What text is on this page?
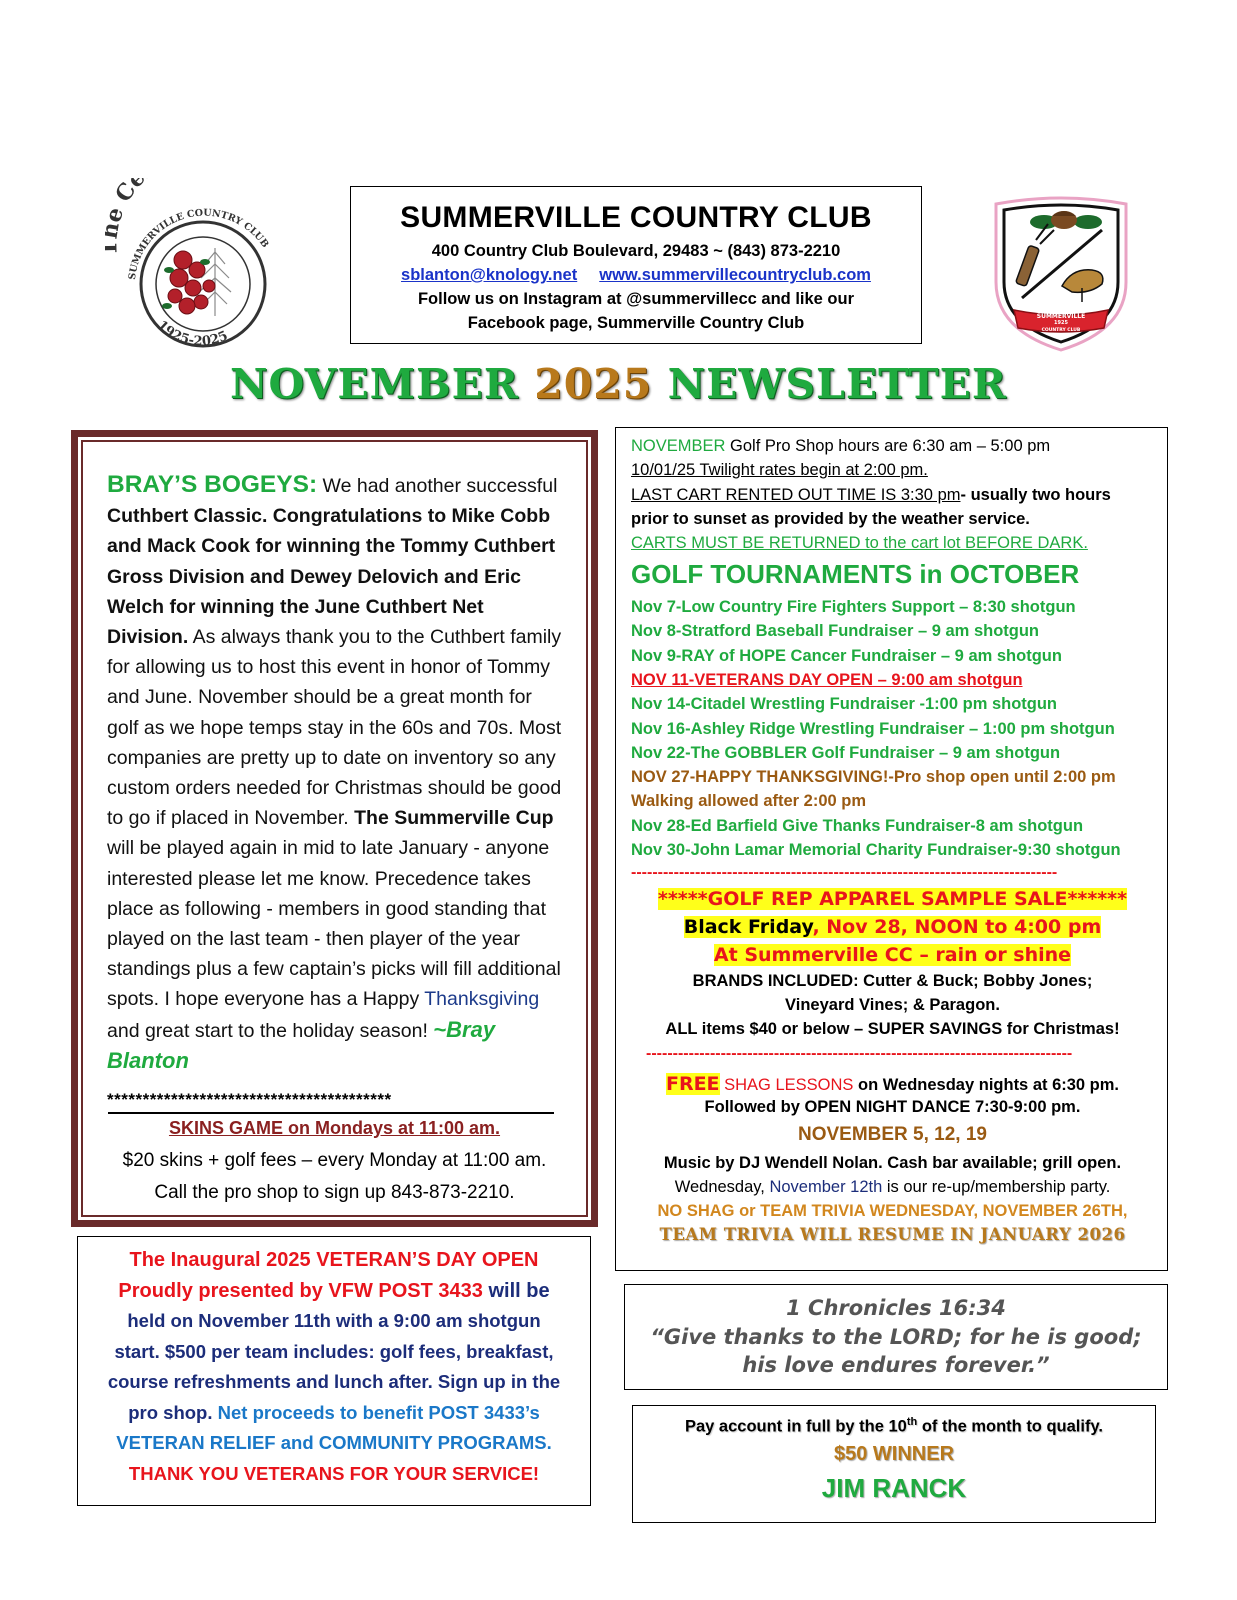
Ce
SUMMERVILLE COUNTRY CLUB
1925-2025
SUMMERVILLE COUNTRY CLUB
400 Country Club Boulevard, 29483 ~ (843) 873-2210
sblanton@knology.net www.summervillecountryclub.com
Follow us on Instagram at @summervillecc and like our
Facebook page, Summerville Country Club	SUMMERVILLE
1925
COUNTRY CLUB
NOVEMBER 2025 NEWSLETTER
BRAY’S BOGEYS: We had another successful Cuthbert Classic. Congratulations to Mike Cobb and Mack Cook for winning the Tommy Cuthbert Gross Division and Dewey Delovich and Eric Welch for winning the June Cuthbert Net Division. As always thank you to the Cuthbert family for allowing us to host this event in honor of Tommy and June. November should be a great month for golf as we hope temps stay in the 60s and 70s. Most companies are pretty up to date on inventory so any custom orders needed for Christmas should be good to go if placed in November. The Summerville Cup will be played again in mid to late January - anyone interested please let me know. Precedence takes place as following - members in good standing that played on the last team - then player of the year standings plus a few captain’s picks will fill additional spots. I hope everyone has a Happy Thanksgiving and great start to the holiday season! ~Bray Blanton
****************************************
SKINS GAME on Mondays at 11:00 am.
$20 skins + golf fees – every Monday at 11:00 am.
Call the pro shop to sign up 843-873-2210.
The Inaugural 2025 VETERAN’S DAY OPEN
Proudly presented by VFW POST 3433 will be
held on November 11th with a 9:00 am shotgun
start. $500 per team includes: golf fees, breakfast,
course refreshments and lunch after. Sign up in the
pro shop. Net proceeds to benefit POST 3433’s
VETERAN RELIEF and COMMUNITY PROGRAMS.
THANK YOU VETERANS FOR YOUR SERVICE!
NOVEMBER Golf Pro Shop hours are 6:30 am – 5:00 pm
10/01/25 Twilight rates begin at 2:00 pm.
LAST CART RENTED OUT TIME IS 3:30 pm- usually two hours
prior to sunset as provided by the weather service.
CARTS MUST BE RETURNED to the cart lot BEFORE DARK.
GOLF TOURNAMENTS in OCTOBER
Nov 7-Low Country Fire Fighters Support – 8:30 shotgun
Nov 8-Stratford Baseball Fundraiser – 9 am shotgun
Nov 9-RAY of HOPE Cancer Fundraiser – 9 am shotgun
NOV 11-VETERANS DAY OPEN – 9:00 am shotgun
Nov 14-Citadel Wrestling Fundraiser -1:00 pm shotgun
Nov 16-Ashley Ridge Wrestling Fundraiser – 1:00 pm shotgun
Nov 22-The GOBBLER Golf Fundraiser – 9 am shotgun
NOV 27-HAPPY THANKSGIVING!-Pro shop open until 2:00 pm
Walking allowed after 2:00 pm
Nov 28-Ed Barfield Give Thanks Fundraiser-8 am shotgun
Nov 30-John Lamar Memorial Charity Fundraiser-9:30 shotgun
--------------------------------------------------------------------------------
*****GOLF REP APPAREL SAMPLE SALE******
Black Friday, Nov 28, NOON to 4:00 pm
At Summerville CC – rain or shine
BRANDS INCLUDED: Cutter & Buck; Bobby Jones;
Vineyard Vines; & Paragon.
ALL items $40 or below – SUPER SAVINGS for Christmas!
--------------------------------------------------------------------------------
FREE SHAG LESSONS on Wednesday nights at 6:30 pm.
Followed by OPEN NIGHT DANCE 7:30-9:00 pm.
NOVEMBER 5, 12, 19
Music by DJ Wendell Nolan. Cash bar available; grill open.
Wednesday, November 12th is our re-up/membership party.
NO SHAG or TEAM TRIVIA WEDNESDAY, NOVEMBER 26TH,
TEAM TRIVIA WILL RESUME IN JANUARY 2026
1 Chronicles 16:34
“Give thanks to the LORD; for he is good;
his love endures forever.”
Pay account in full by the 10th of the month to qualify.
$50 WINNER
JIM RANCK
